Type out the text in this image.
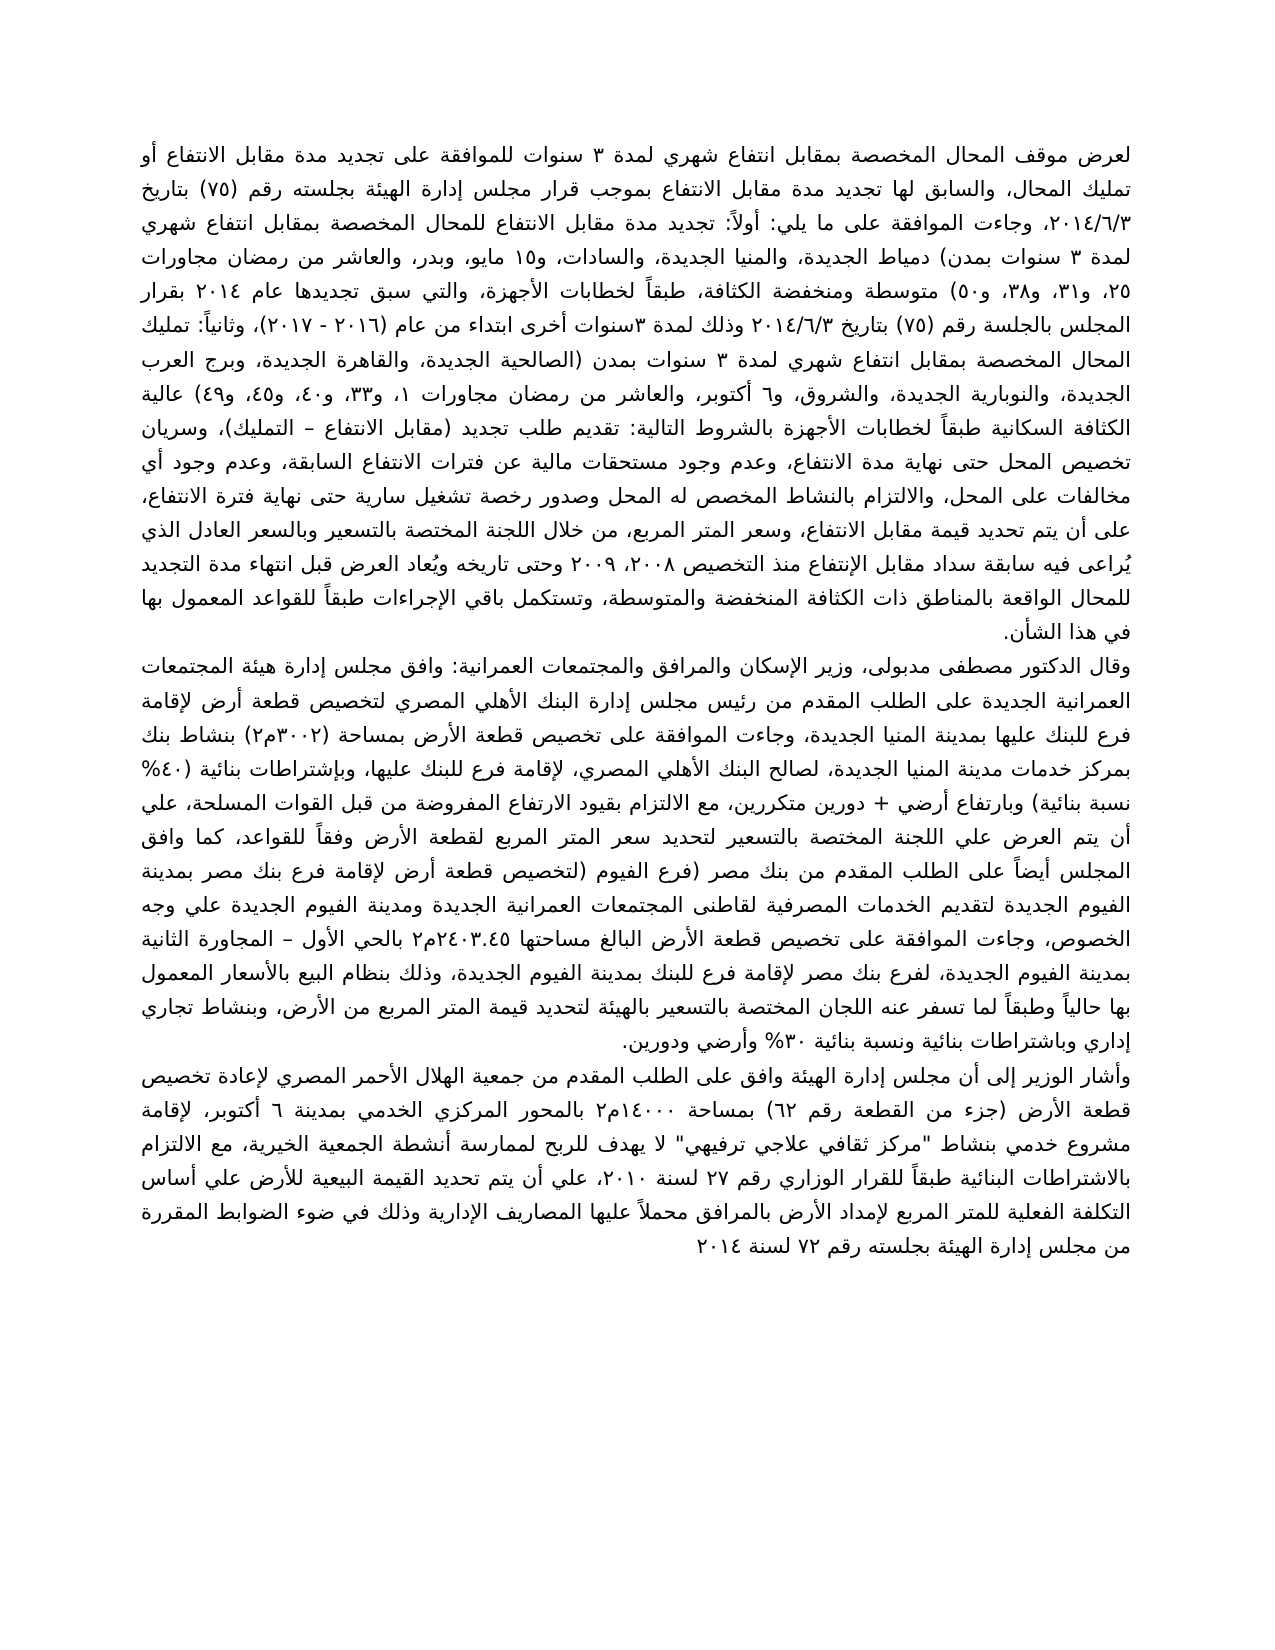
لعرض موقف المحال المخصصة بمقابل انتفاع شهري لمدة ٣ سنوات للموافقة على تجديد مدة مقابل الانتفاع أو تمليك المحال، والسابق لها تجديد مدة مقابل الانتفاع بموجب قرار مجلس إدارة الهيئة بجلسته رقم (٧٥) بتاريخ ٢٠١٤/٦/٣، وجاءت الموافقة على ما يلي: أولاً: تجديد مدة مقابل الانتفاع للمحال المخصصة بمقابل انتفاع شهري لمدة ٣ سنوات بمدن) دمياط الجديدة، والمنيا الجديدة، والسادات، و١٥ مايو، وبدر، والعاشر من رمضان مجاورات ٢٥، و٣١، و٣٨، و٥٠) متوسطة ومنخفضة الكثافة، طبقاً لخطابات الأجهزة، والتي سبق تجديدها عام ٢٠١٤ بقرار المجلس بالجلسة رقم (٧٥) بتاريخ ٢٠١٤/٦/٣ وذلك لمدة ٣سنوات أخرى ابتداء من عام (٢٠١٦ - ٢٠١٧)، وثانياً: تمليك المحال المخصصة بمقابل انتفاع شهري لمدة ٣ سنوات بمدن (الصالحية الجديدة، والقاهرة الجديدة، وبرج العرب الجديدة، والنوبارية الجديدة، والشروق، و٦ أكتوبر، والعاشر من رمضان مجاورات ١، و٣٣، و٤٠، و٤٥، و٤٩) عالية الكثافة السكانية طبقاً لخطابات الأجهزة بالشروط التالية: تقديم طلب تجديد (مقابل الانتفاع – التمليك)، وسريان تخصيص المحل حتى نهاية مدة الانتفاع، وعدم وجود مستحقات مالية عن فترات الانتفاع السابقة، وعدم وجود أي مخالفات على المحل، والالتزام بالنشاط المخصص له المحل وصدور رخصة تشغيل سارية حتى نهاية فترة الانتفاع، على أن يتم تحديد قيمة مقابل الانتفاع، وسعر المتر المربع، من خلال اللجنة المختصة بالتسعير وبالسعر العادل الذي يُراعى فيه سابقة سداد مقابل الإنتفاع منذ التخصيص ٢٠٠٨، ٢٠٠٩ وحتى تاريخه ويُعاد العرض قبل انتهاء مدة التجديد للمحال الواقعة بالمناطق ذات الكثافة المنخفضة والمتوسطة، وتستكمل باقي الإجراءات طبقاً للقواعد المعمول بها في هذا الشأن.

وقال الدكتور مصطفى مدبولى، وزير الإسكان والمرافق والمجتمعات العمرانية: وافق مجلس إدارة هيئة المجتمعات العمرانية الجديدة على الطلب المقدم من رئيس مجلس إدارة البنك الأهلي المصري لتخصيص قطعة أرض لإقامة فرع للبنك عليها بمدينة المنيا الجديدة، وجاءت الموافقة على تخصيص قطعة الأرض بمساحة (٣٠٠٢م٢) بنشاط بنك بمركز خدمات مدينة المنيا الجديدة، لصالح البنك الأهلي المصري، لإقامة فرع للبنك عليها، وبإشتراطات بنائية (٤٠% نسبة بنائية) وبارتفاع أرضي + دورين متكررين، مع الالتزام بقيود الارتفاع المفروضة من قبل القوات المسلحة، علي أن يتم العرض علي اللجنة المختصة بالتسعير لتحديد سعر المتر المربع لقطعة الأرض وفقاً للقواعد، كما وافق المجلس أيضاً على الطلب المقدم من بنك مصر (فرع الفيوم (لتخصيص قطعة أرض لإقامة فرع بنك مصر بمدينة الفيوم الجديدة لتقديم الخدمات المصرفية لقاطنى المجتمعات العمرانية الجديدة ومدينة الفيوم الجديدة علي وجه الخصوص، وجاءت الموافقة على تخصيص قطعة الأرض البالغ مساحتها ٢٤٠٣.٤٥م٢ بالحي الأول – المجاورة الثانية بمدينة الفيوم الجديدة، لفرع بنك مصر لإقامة فرع للبنك بمدينة الفيوم الجديدة، وذلك بنظام البيع بالأسعار المعمول بها حالياً وطبقاً لما تسفر عنه اللجان المختصة بالتسعير بالهيئة لتحديد قيمة المتر المربع من الأرض، وبنشاط تجاري إداري وباشتراطات بنائية ونسبة بنائية ٣٠% وأرضي ودورين.

وأشار الوزير إلى أن مجلس إدارة الهيئة وافق على الطلب المقدم من جمعية الهلال الأحمر المصري لإعادة تخصيص قطعة الأرض (جزء من القطعة رقم ٦٢) بمساحة ١٤٠٠٠م٢ بالمحور المركزي الخدمي بمدينة ٦ أكتوبر، لإقامة مشروع خدمي بنشاط "مركز ثقافي علاجي ترفيهي" لا يهدف للربح لممارسة أنشطة الجمعية الخيرية، مع الالتزام بالاشتراطات البنائية طبقاً للقرار الوزاري رقم ٢٧ لسنة ٢٠١٠، علي أن يتم تحديد القيمة البيعية للأرض علي أساس التكلفة الفعلية للمتر المربع لإمداد الأرض بالمرافق محملاً عليها المصاريف الإدارية وذلك في ضوء الضوابط المقررة من مجلس إدارة الهيئة بجلسته رقم ٧٢ لسنة ٢٠١٤
